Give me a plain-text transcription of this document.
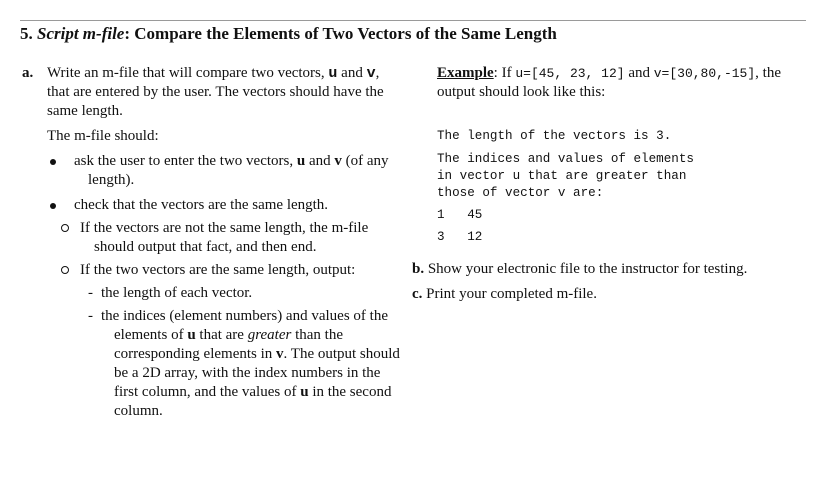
5. Script m-file: Compare the Elements of Two Vectors of the Same Length
a. Write an m-file that will compare two vectors, u and v, that are entered by the user. The vectors should have the same length.
The m-file should:
ask the user to enter the two vectors, u and v (of any length).
check that the vectors are the same length.
If the vectors are not the same length, the m-file should output that fact, and then end.
If the two vectors are the same length, output:
- the length of each vector.
- the indices (element numbers) and values of the elements of u that are greater than the corresponding elements in v. The output should be a 2D array, with the index numbers in the first column, and the values of u in the second column.
Example: If u=[45, 23, 12] and v=[30,80,-15], the output should look like this:
The length of the vectors is 3.
The indices and values of elements
in vector u that are greater than
those of vector v are:
1 45
3 12
b. Show your electronic file to the instructor for testing.
c. Print your completed m-file.
